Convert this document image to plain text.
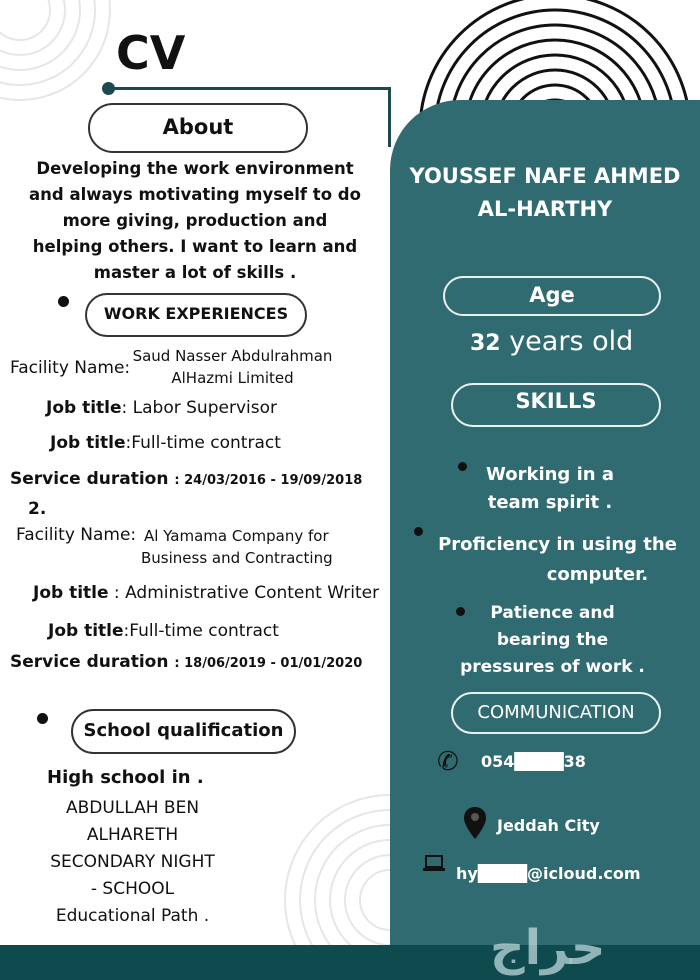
CV
About
Developing the work environment
and always motivating myself to do
more giving, production and
helping others. I want to learn and
master a lot of skills .
WORK EXPERIENCES
Facility Name:
Saud Nasser Abdulrahman
AlHazmi Limited
Job title: Labor Supervisor
Job title:Full-time contract
Service duration : 24/03/2016 - 19/09/2018
2.
Facility Name: Al Yamama Company for
Business and Contracting
Job title : Administrative Content Writer
Job title:Full-time contract
Service duration : 18/06/2019 - 01/01/2020
School qualification
High school in .
ABDULLAH BEN
ALHARETH
SECONDARY NIGHT
- SCHOOL
Educational Path .
YOUSSEF NAFE AHMED
AL-HARTHY
Age
32 years old
SKILLS
Working in a
team spirit .
Proficiency in using the
computer.
Patience and
bearing the
pressures of work .
COMMUNICATION
✆ 054████38
Jeddah City
hy████@icloud.com
حراج
